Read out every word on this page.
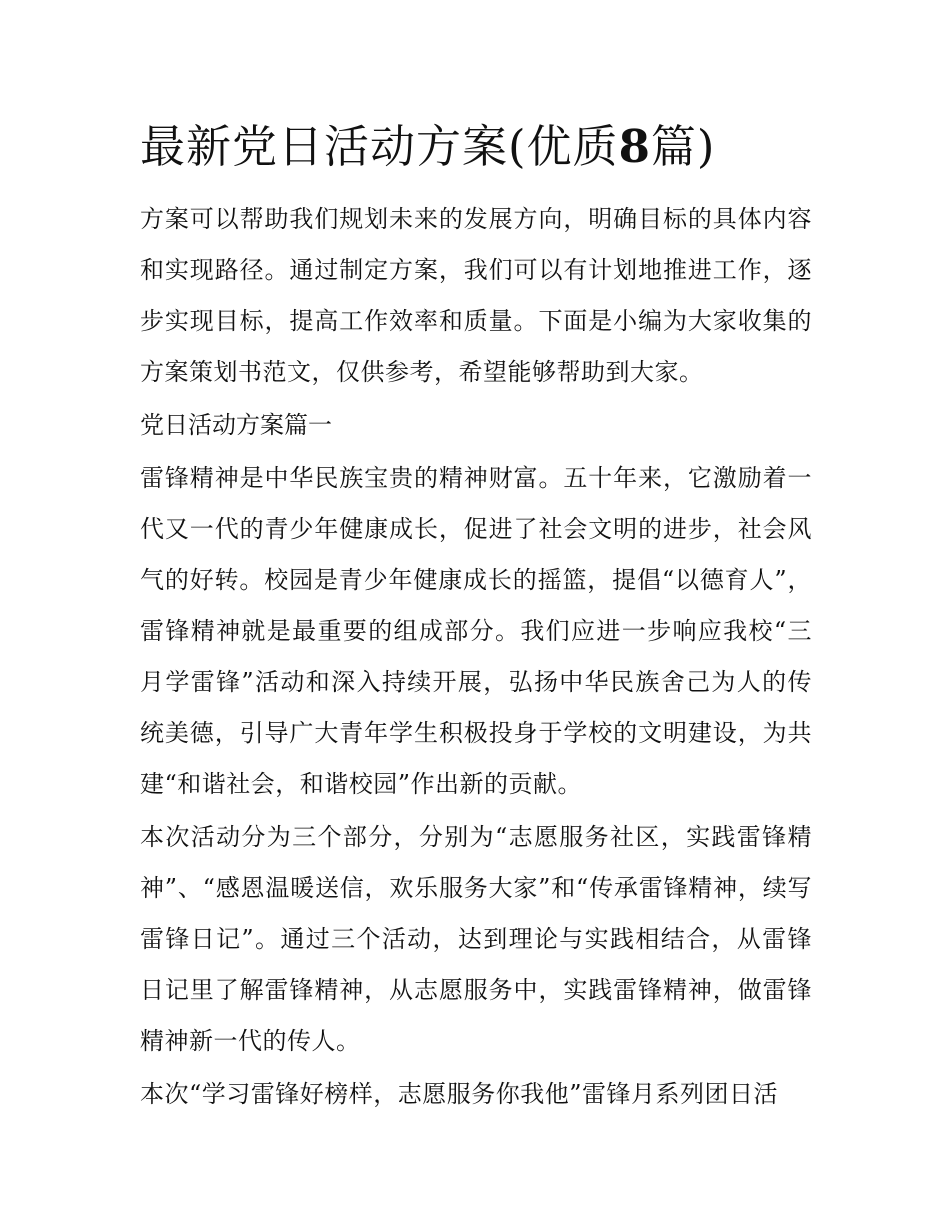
最新党日活动方案(优质8篇)

方案可以帮助我们规划未来的发展方向，明确目标的具体内容和实现路径。通过制定方案，我们可以有计划地推进工作，逐步实现目标，提高工作效率和质量。下面是小编为大家收集的方案策划书范文，仅供参考，希望能够帮助到大家。

党日活动方案篇一

雷锋精神是中华民族宝贵的精神财富。五十年来，它激励着一代又一代的青少年健康成长，促进了社会文明的进步，社会风气的好转。校园是青少年健康成长的摇篮，提倡“以德育人”，雷锋精神就是最重要的组成部分。我们应进一步响应我校“三月学雷锋”活动和深入持续开展，弘扬中华民族舍己为人的传统美德，引导广大青年学生积极投身于学校的文明建设，为共建“和谐社会，和谐校园”作出新的贡献。

本次活动分为三个部分，分别为“志愿服务社区，实践雷锋精神”、“感恩温暖送信，欢乐服务大家”和“传承雷锋精神，续写雷锋日记”。通过三个活动，达到理论与实践相结合，从雷锋日记里了解雷锋精神，从志愿服务中，实践雷锋精神，做雷锋精神新一代的传人。

本次“学习雷锋好榜样，志愿服务你我他”雷锋月系列团日活
